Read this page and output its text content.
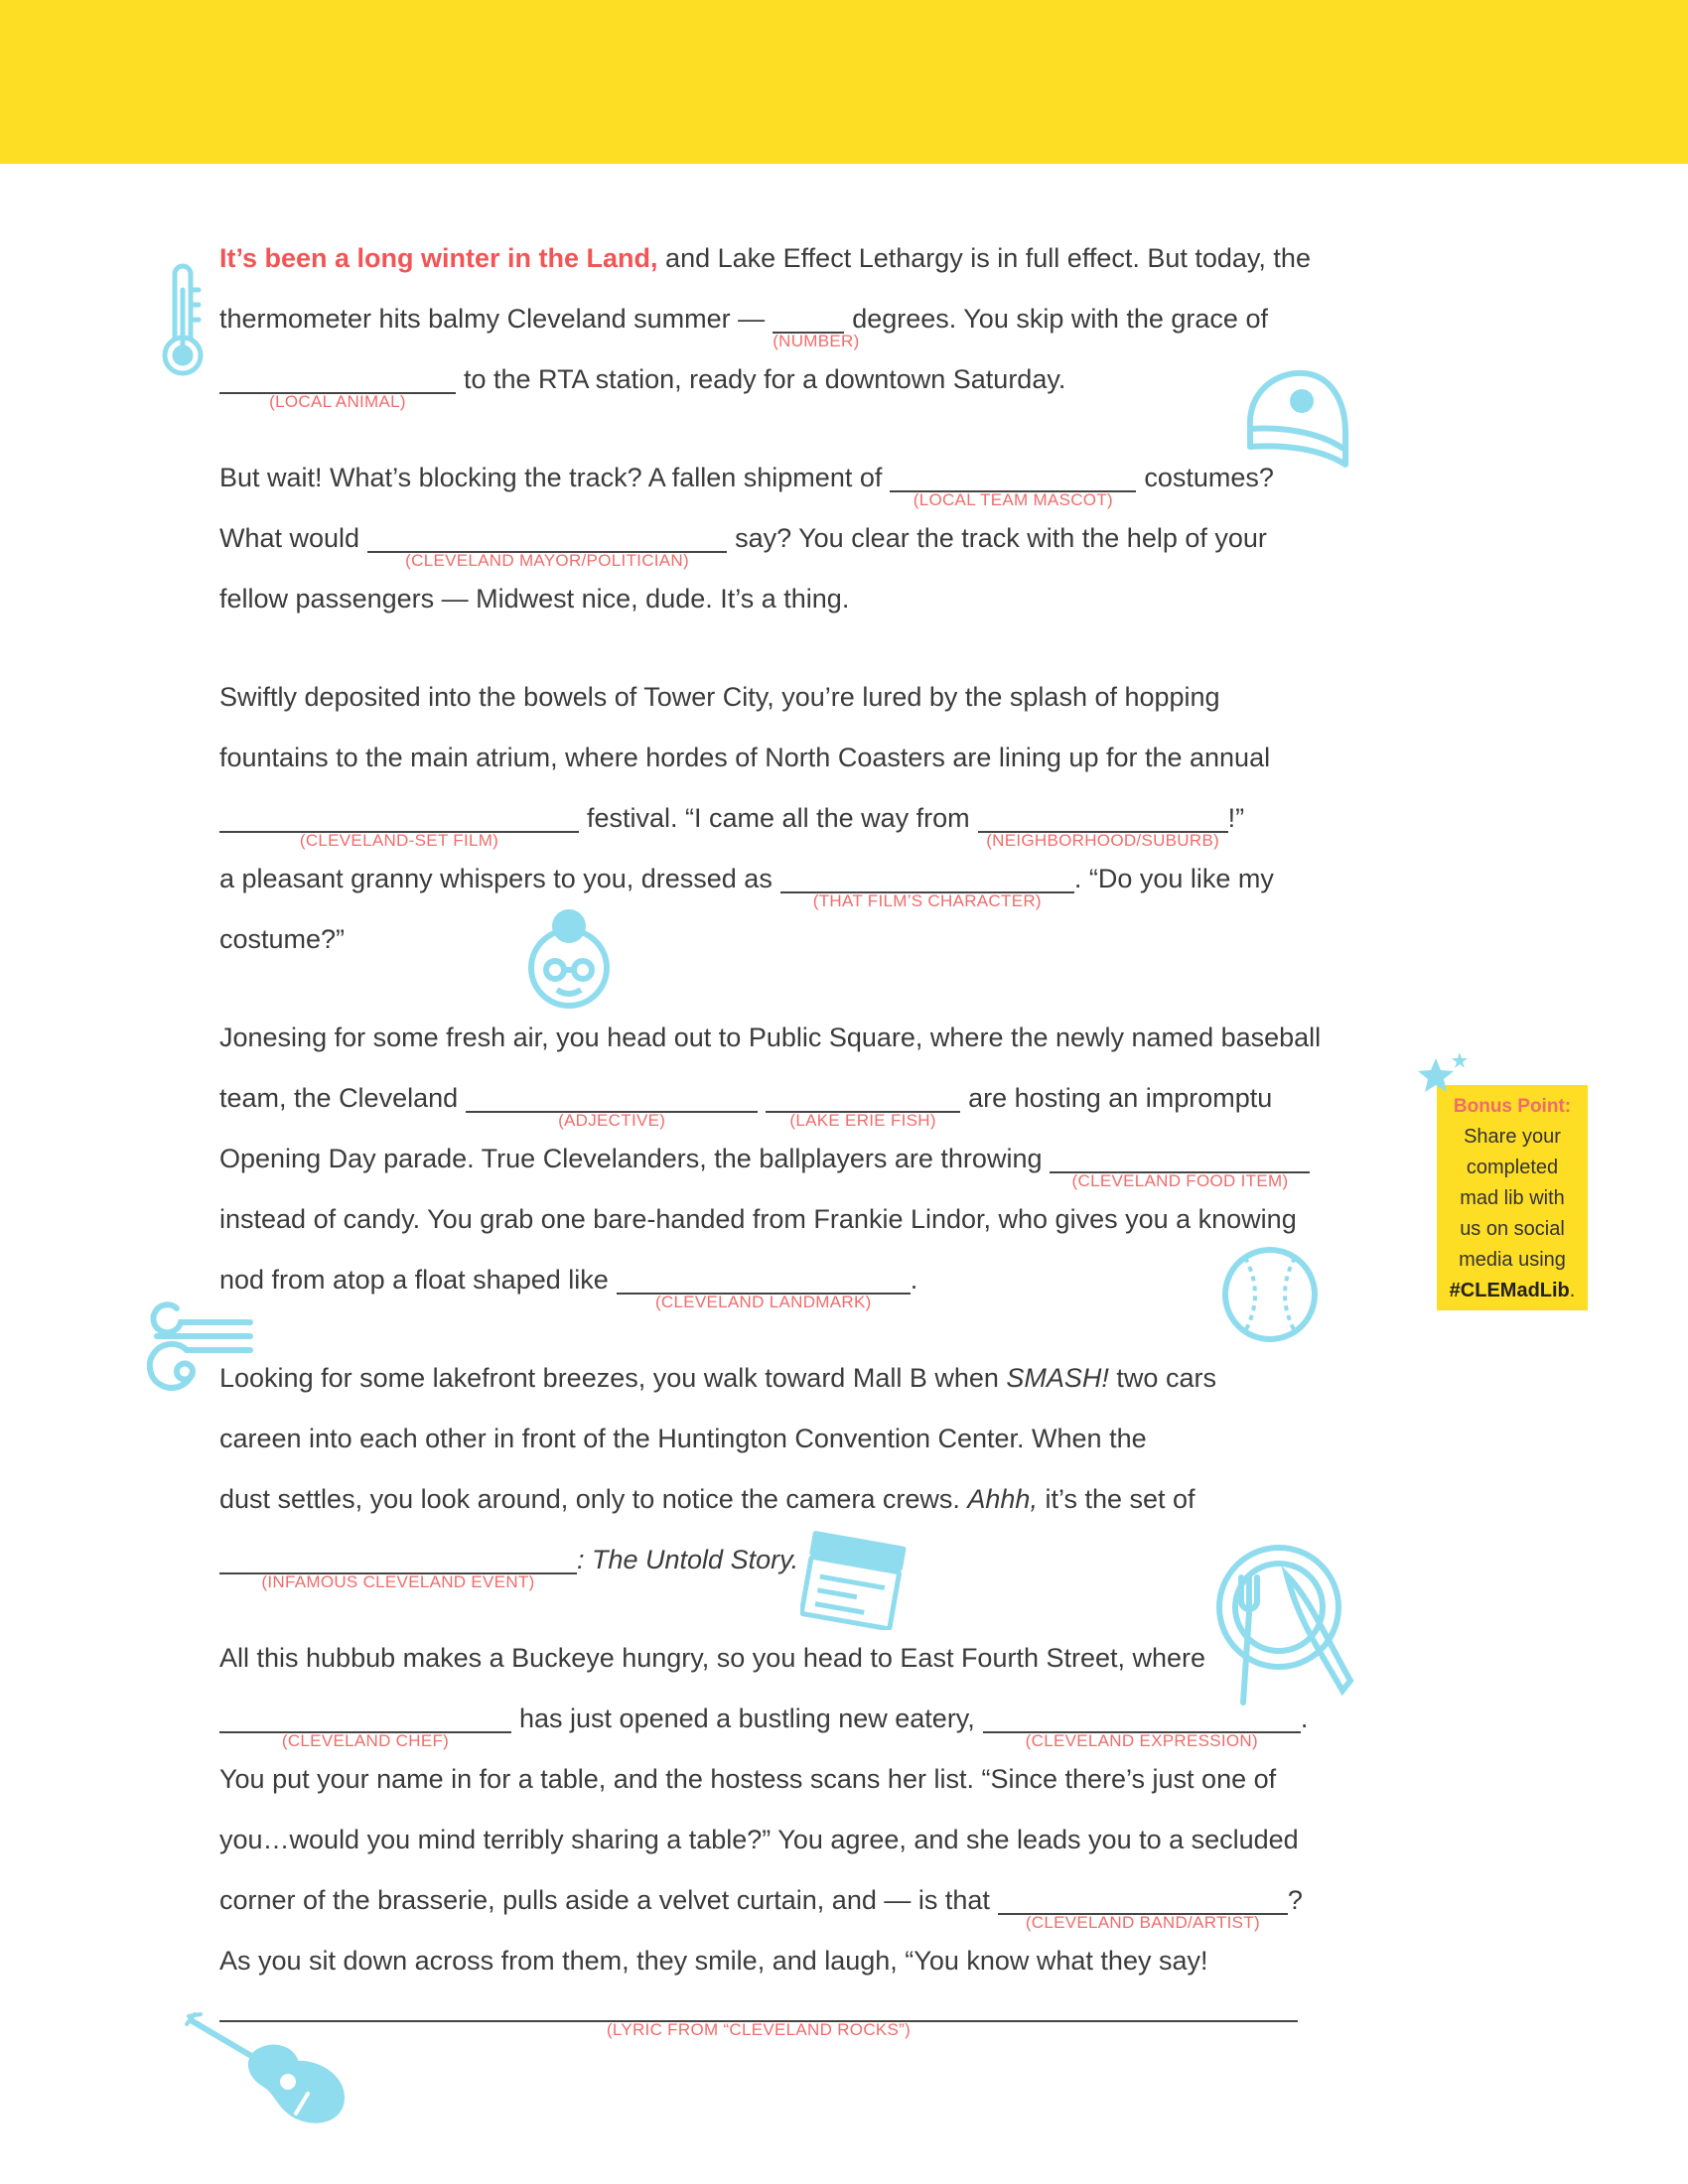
It’s been a long winter in the Land, and Lake Effect Lethargy is in full effect. But today, the
thermometer hits balmy Cleveland summer —
(NUMBER)
degrees. You skip with the grace of
(LOCAL ANIMAL)
to the RTA station, ready for a downtown Saturday.
But wait! What’s blocking the track? A fallen shipment of
(LOCAL TEAM MASCOT)
costumes?
What would
(CLEVELAND MAYOR/POLITICIAN)
say? You clear the track with the help of your
fellow passengers — Midwest nice, dude. It’s a thing.
Swiftly deposited into the bowels of Tower City, you’re lured by the splash of hopping
fountains to the main atrium, where hordes of North Coasters are lining up for the annual
(CLEVELAND-SET FILM)
festival. “I came all the way from
(NEIGHBORHOOD/SUBURB)
!”
a pleasant granny whispers to you, dressed as
(THAT FILM’S CHARACTER)
. “Do you like my
costume?”
Jonesing for some fresh air, you head out to Public Square, where the newly named baseball
team, the Cleveland
(ADJECTIVE)	(LAKE ERIE FISH)
are hosting an impromptu
Opening Day parade. True Clevelanders, the ballplayers are throwing
(CLEVELAND FOOD ITEM)
instead of candy. You grab one bare-handed from Frankie Lindor, who gives you a knowing
nod from atop a float shaped like
(CLEVELAND LANDMARK)
.
Looking for some lakefront breezes, you walk toward Mall B when SMASH! two cars
careen into each other in front of the Huntington Convention Center. When the
dust settles, you look around, only to notice the camera crews. Ahhh, it’s the set of
(INFAMOUS CLEVELAND EVENT)
: The Untold Story.
All this hubbub makes a Buckeye hungry, so you head to East Fourth Street, where
(CLEVELAND CHEF)
has just opened a bustling new eatery,
(CLEVELAND EXPRESSION)
.
You put your name in for a table, and the hostess scans her list. “Since there’s just one of
you…would you mind terribly sharing a table?” You agree, and she leads you to a secluded
corner of the brasserie, pulls aside a velvet curtain, and — is that
(CLEVELAND BAND/ARTIST)
?
As you sit down across from them, they smile, and laugh, “You know what they say!
(LYRIC FROM “CLEVELAND ROCKS”)
Bonus Point:
Share your
completed
mad lib with
us on social
media using
#CLEMadLib.
